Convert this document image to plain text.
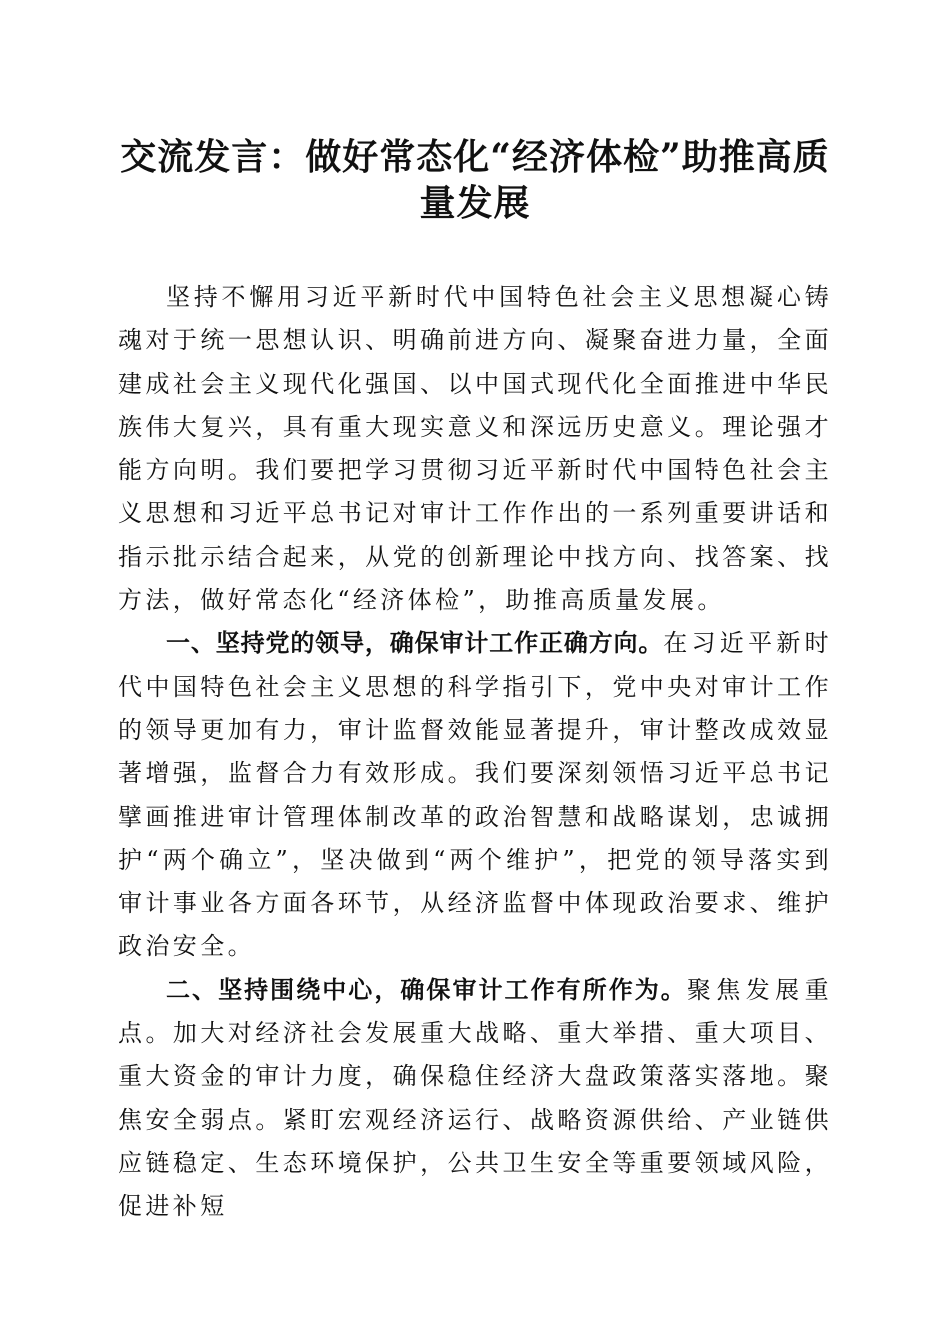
交流发言：做好常态化“经济体检”助推高质量发展

坚持不懈用习近平新时代中国特色社会主义思想凝心铸魂对于统一思想认识、明确前进方向、凝聚奋进力量，全面建成社会主义现代化强国、以中国式现代化全面推进中华民族伟大复兴，具有重大现实意义和深远历史意义。理论强才能方向明。我们要把学习贯彻习近平新时代中国特色社会主义思想和习近平总书记对审计工作作出的一系列重要讲话和指示批示结合起来，从党的创新理论中找方向、找答案、找方法，做好常态化“经济体检”，助推高质量发展。

一、坚持党的领导，确保审计工作正确方向。在习近平新时代中国特色社会主义思想的科学指引下，党中央对审计工作的领导更加有力，审计监督效能显著提升，审计整改成效显著增强，监督合力有效形成。我们要深刻领悟习近平总书记擘画推进审计管理体制改革的政治智慧和战略谋划，忠诚拥护“两个确立”，坚决做到“两个维护”，把党的领导落实到审计事业各方面各环节，从经济监督中体现政治要求、维护政治安全。

二、坚持围绕中心，确保审计工作有所作为。聚焦发展重点。加大对经济社会发展重大战略、重大举措、重大项目、重大资金的审计力度，确保稳住经济大盘政策落实落地。聚焦安全弱点。紧盯宏观经济运行、战略资源供给、产业链供应链稳定、生态环境保护，公共卫生安全等重要领域风险，促进补短
